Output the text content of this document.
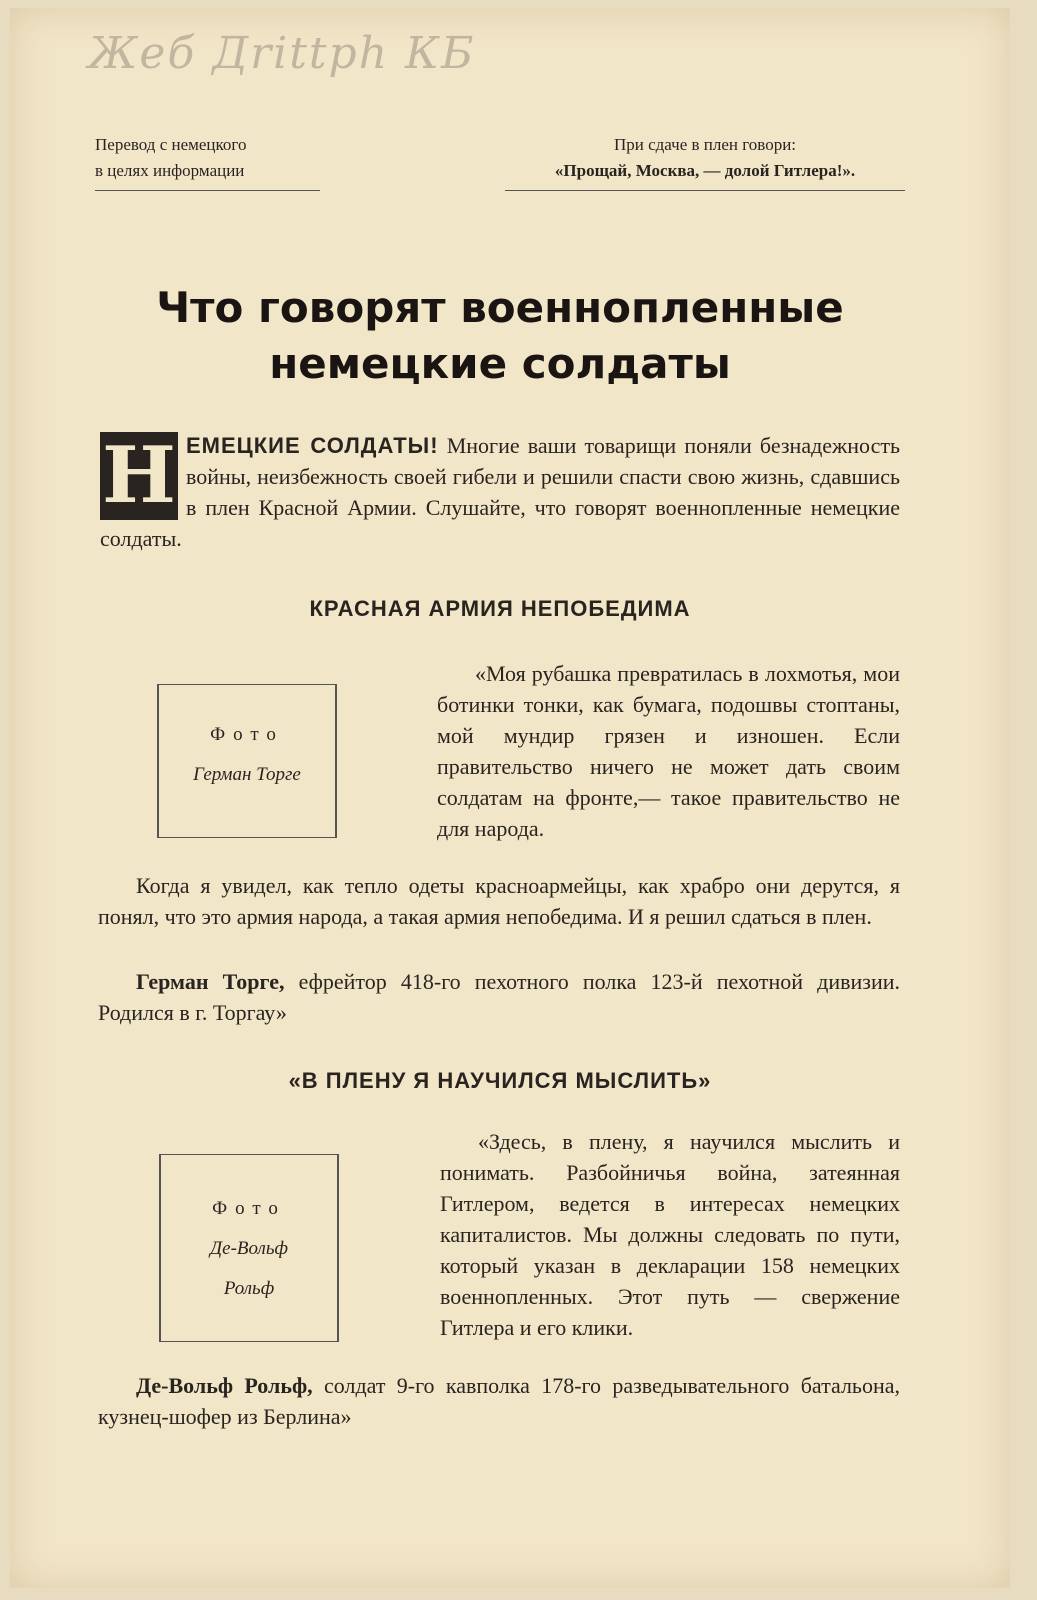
Жеб Дrittph КБ
Перевод с немецкого
в целях информации
При сдаче в плен говори:
«Прощай, Москва, — долой Гитлера!».
Что говорят военнопленные
немецкие солдаты
Н ЕМЕЦКИЕ СОЛДАТЫ! Многие ваши товарищи поняли безнадежность войны, неизбежность своей гибели и решили спасти свою жизнь, сдавшись в плен Красной Армии. Слушайте, что говорят военнопленные немецкие солдаты.
КРАСНАЯ АРМИЯ НЕПОБЕДИМА
Фото
Герман Торге
«Моя рубашка превратилась в лохмотья, мои ботинки тонки, как бумага, подошвы стоптаны, мой мундир грязен и изношен. Если правительство ничего не может дать своим солдатам на фронте,— такое правительство не для народа.
Когда я увидел, как тепло одеты красноармейцы, как храбро они дерутся, я понял, что это армия народа, а такая армия непобедима. И я решил сдаться в плен.
Герман Торге, ефрейтор 418-го пехотного полка 123-й пехотной дивизии. Родился в г. Торгау»
«В ПЛЕНУ Я НАУЧИЛСЯ МЫСЛИТЬ»
Фото
Де-Вольф
Рольф
«Здесь, в плену, я научился мыслить и понимать. Разбойничья война, затеянная Гитлером, ведется в интересах немецких капиталистов. Мы должны следовать по пути, который указан в декларации 158 немецких военнопленных. Этот путь — свержение Гитлера и его клики.
Де-Вольф Рольф, солдат 9-го кавполка 178-го разведывательного батальона, кузнец-шофер из Берлина»
